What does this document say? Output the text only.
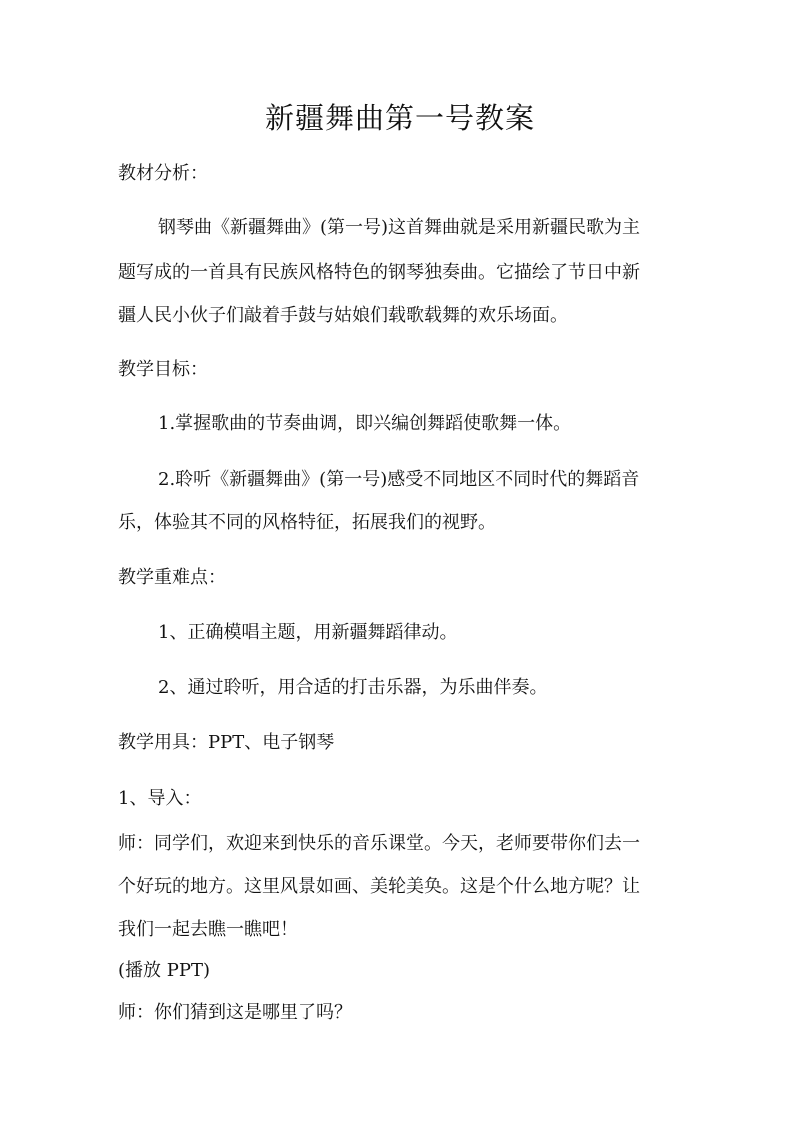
新疆舞曲第一号教案
教材分析：
钢琴曲《新疆舞曲》(第一号)这首舞曲就是采用新疆民歌为主
题写成的一首具有民族风格特色的钢琴独奏曲。它描绘了节日中新
疆人民小伙子们敲着手鼓与姑娘们载歌载舞的欢乐场面。
教学目标：
1.掌握歌曲的节奏曲调，即兴编创舞蹈使歌舞一体。
2.聆听《新疆舞曲》(第一号)感受不同地区不同时代的舞蹈音
乐，体验其不同的风格特征，拓展我们的视野。
教学重难点：
1、正确模唱主题，用新疆舞蹈律动。
2、通过聆听，用合适的打击乐器，为乐曲伴奏。
教学用具：PPT、电子钢琴
1、导入：
师：同学们，欢迎来到快乐的音乐课堂。今天，老师要带你们去一
个好玩的地方。这里风景如画、美轮美奂。这是个什么地方呢？让
我们一起去瞧一瞧吧！
(播放 PPT)
师：你们猜到这是哪里了吗？
